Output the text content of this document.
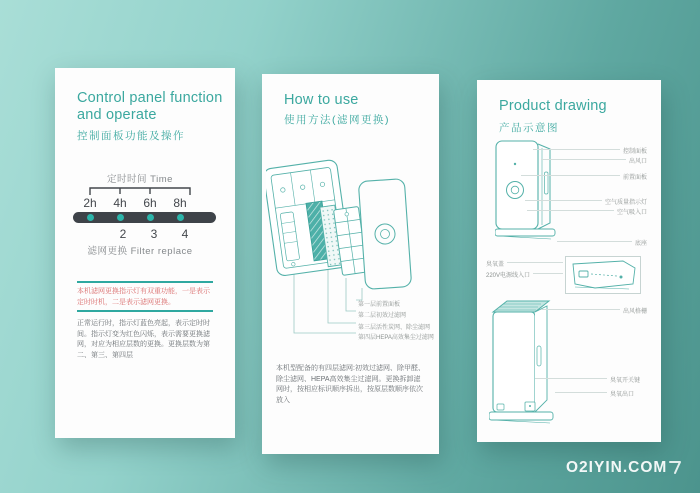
Control panel function and operate
控制面板功能及操作
定时时间 Time
2h 4h 6h 8h
2 3 4
滤网更换 Filter replace
本机滤网更换指示灯有双重功能，一是表示定时时机，二是表示滤网更换。
正常运行时，指示灯蓝色亮起，表示定时时间。指示灯变为红色闪烁，表示需要更换滤网，对应为相应层数的更换。更换层数为第二、第三、第四层
How to use
使用方法(滤网更换)
第一层前置面板
第二层初效过滤网
第三层活性炭网、除尘滤网
第四层HEPA高效集尘过滤网
本机型配备的有四层滤网:初效过滤网、除甲醛、除尘滤网、HEPA高效集尘过滤网。更换拆卸滤网时，按相应标识顺序拆出，按原层数顺序依次放入
Product drawing
产品示意图
控制面板
出风口
前置面板
空气质量指示灯
空气吸入口
底座
臭氧盖
220V电源线入口
出风格栅
臭氧开关键
臭氧出口
O2IYIN.COM
